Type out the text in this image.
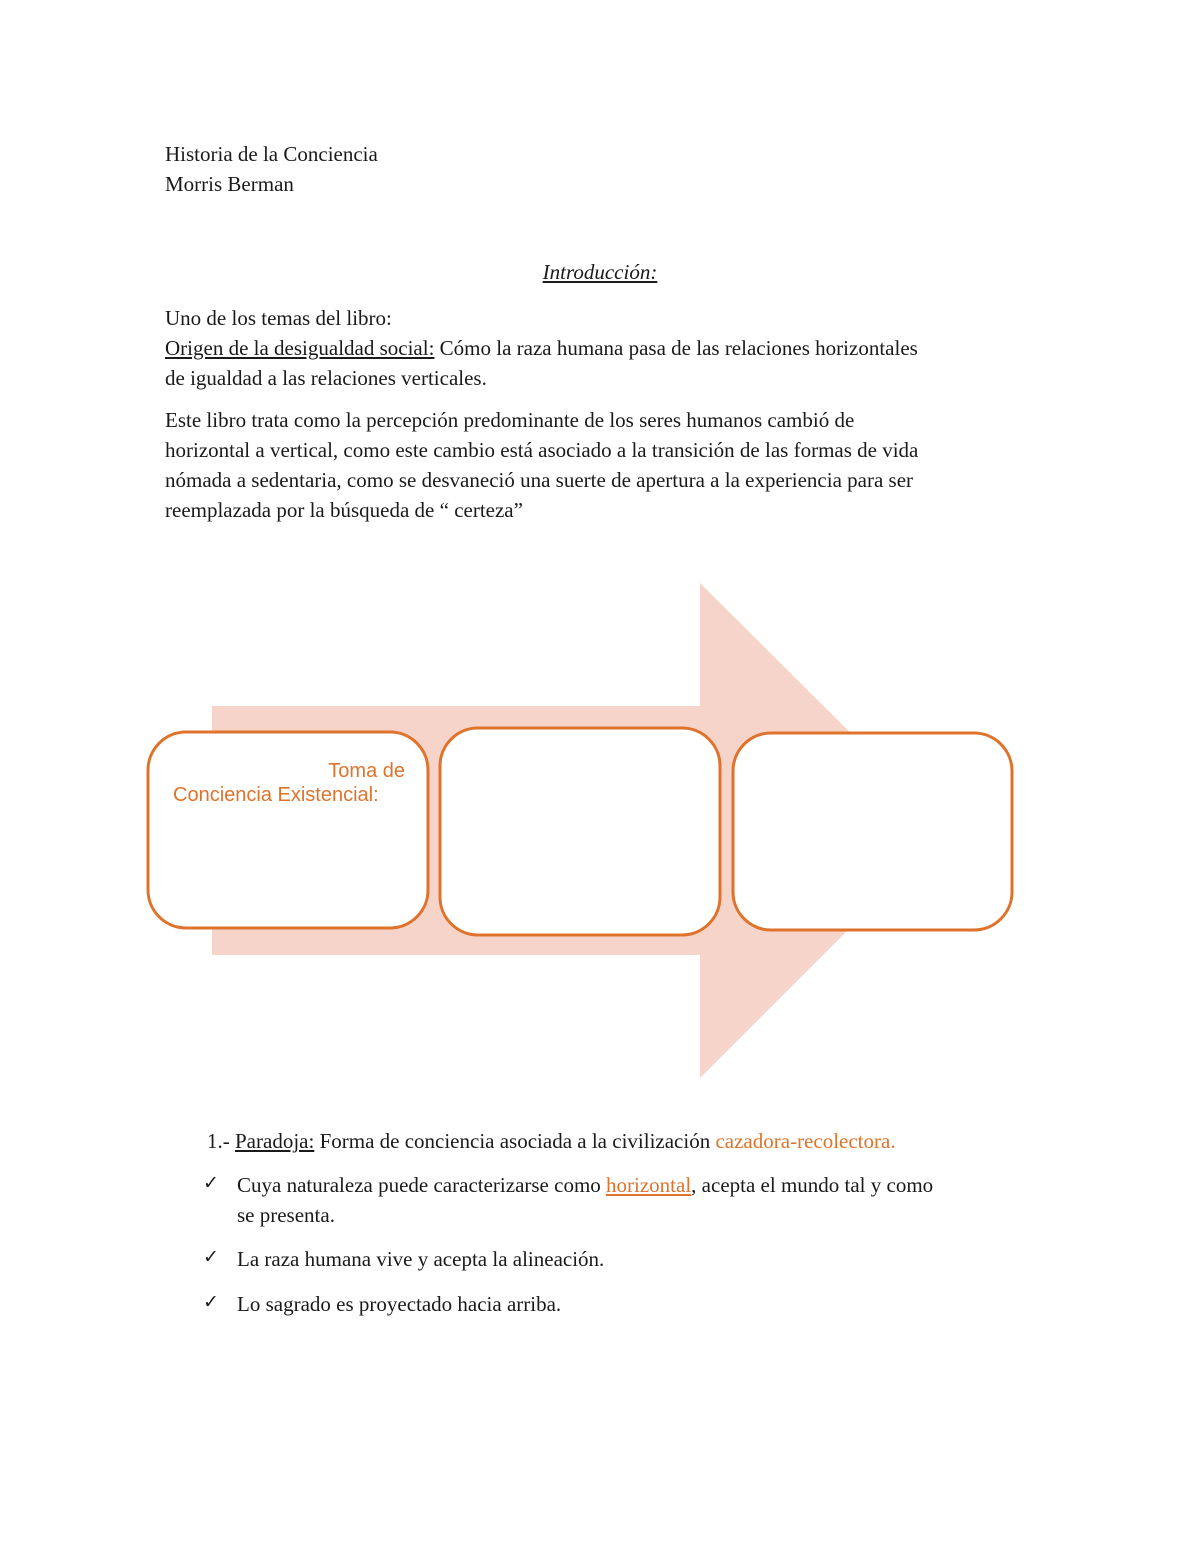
Historia de la Conciencia
Morris Berman
Introducción:
Uno de los temas del libro:
Origen de la desigualdad social: Cómo la raza humana pasa de las relaciones horizontales
de igualdad a las relaciones verticales.
Este libro trata como la percepción predominante de los seres humanos cambió de
horizontal a vertical, como este cambio está asociado a la transición de las formas de vida
nómada a sedentaria, como se desvaneció una suerte de apertura a la experiencia para ser
reemplazada por la búsqueda de “ certeza”
Toma de
Conciencia Existencial:
1.- Paradoja: Forma de conciencia asociada a la civilización cazadora-recolectora.
✓ Cuya naturaleza puede caracterizarse como horizontal, acepta el mundo tal y como
se presenta.
✓ La raza humana vive y acepta la alineación.
✓ Lo sagrado es proyectado hacia arriba.
